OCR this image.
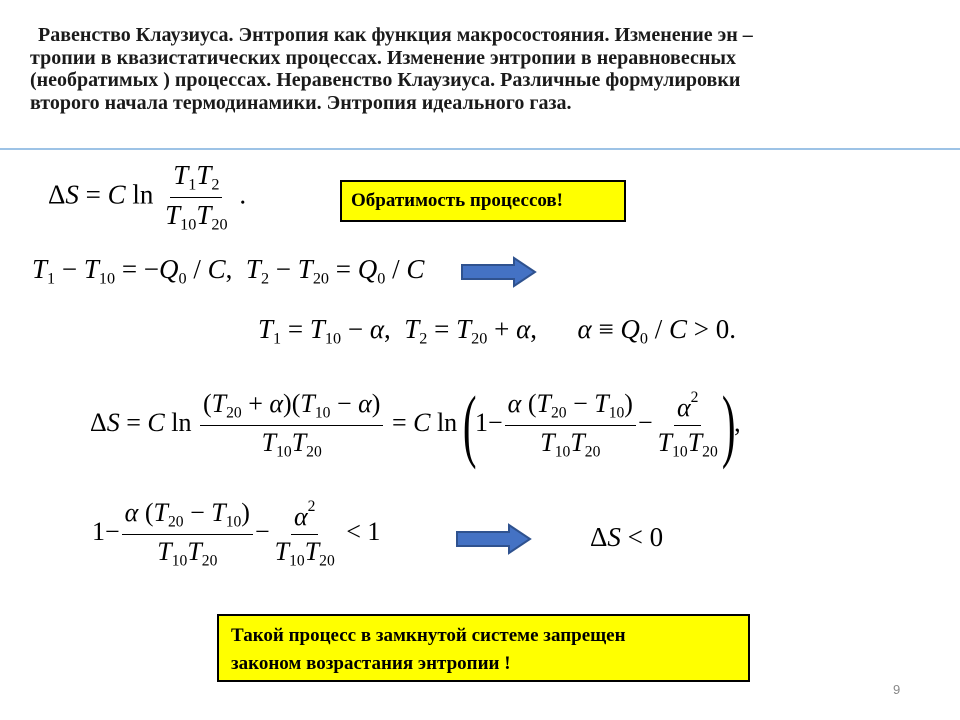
Равенство Клаузиуса. Энтропия как функция макросостояния. Изменение эн –

тропии в квазистатических процессах. Изменение энтропии в неравновесных

(необратимых ) процессах. Неравенство Клаузиуса. Различные формулировки

второго начала термодинамики. Энтропия идеального газа.

ΔS = C $\ln \frac{T_1T_2}{T_{10}T_{20}}$ .	Обратимость процессов!
$T_1 - T_{10} = -Q_0 / C$,  $T_2 - T_{20} = Q_0 / C$
$T_1 = T_{10} - \alpha$,  $T_2 = T_{20} + \alpha$,      $\alpha \equiv Q_0 / C > 0$.
ΔS = C $\ln \frac{(T_{20} + \alpha)(T_{10} - \alpha)}{T_{10}T_{20}} = C$ $\ln (1- \frac{\alpha (T_{20} - T_{10})}{T_{10}T_{20}} - \frac{\alpha^2}{T_{10}T_{20}}$ ),
$1- \frac{\alpha (T_{20} - T_{10})}{T_{10}T_{20}} - \frac{\alpha^2}{T_{10}T_{20}} < 1$	ΔS < 0
Такой процесс в замкнутой системе запрещен
законом возрастания энтропии !
9
